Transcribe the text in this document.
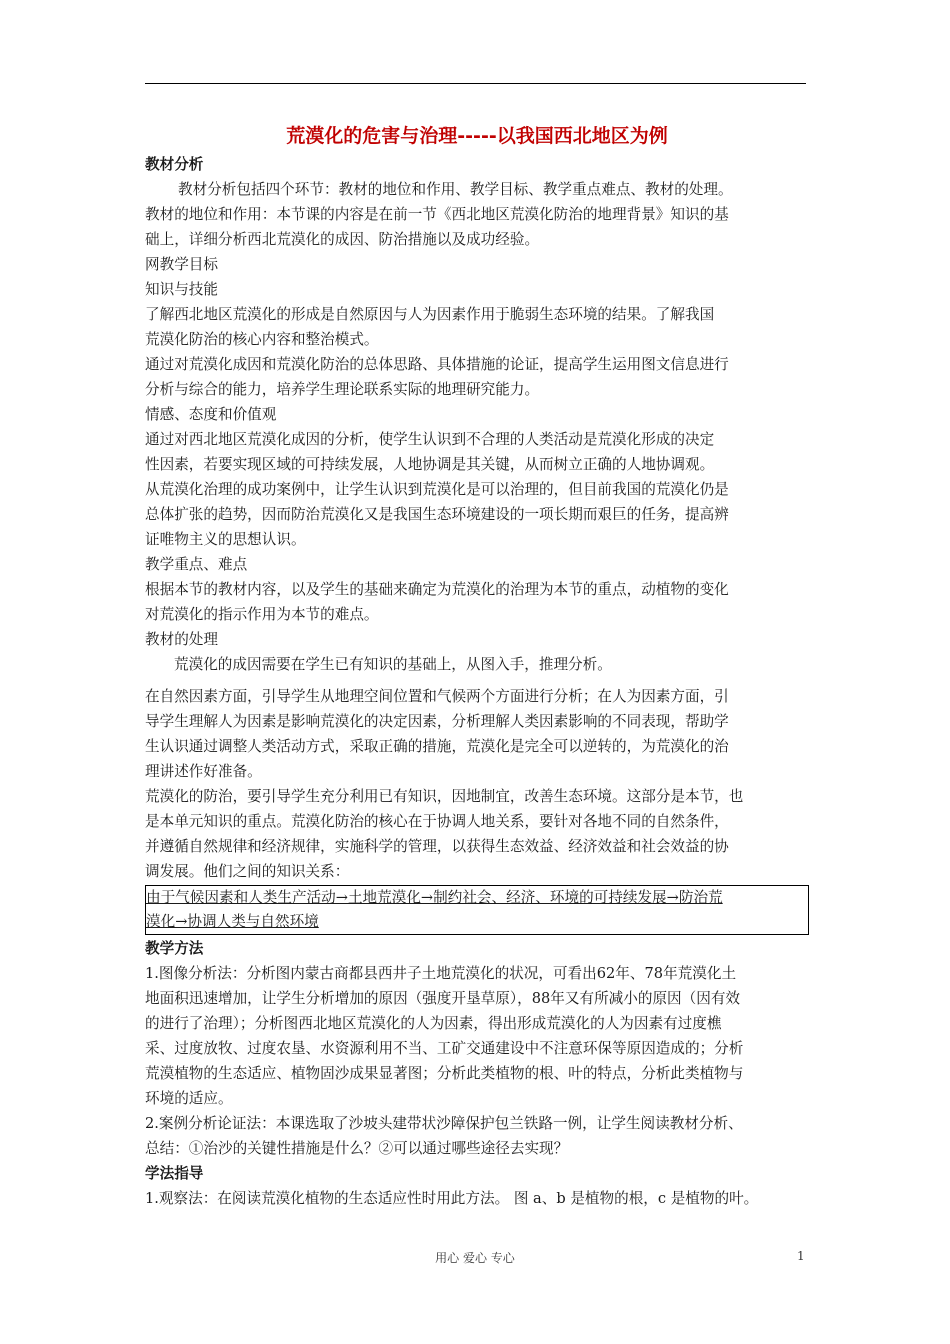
荒漠化的危害与治理-----以我国西北地区为例
教材分析
教材分析包括四个环节：教材的地位和作用、教学目标、教学重点难点、教材的处理。
教材的地位和作用：本节课的内容是在前一节《西北地区荒漠化防治的地理背景》知识的基
础上，详细分析西北荒漠化的成因、防治措施以及成功经验。
网教学目标
知识与技能
了解西北地区荒漠化的形成是自然原因与人为因素作用于脆弱生态环境的结果。了解我国
荒漠化防治的核心内容和整治模式。
通过对荒漠化成因和荒漠化防治的总体思路、具体措施的论证，提高学生运用图文信息进行
分析与综合的能力，培养学生理论联系实际的地理研究能力。
情感、态度和价值观
通过对西北地区荒漠化成因的分析，使学生认识到不合理的人类活动是荒漠化形成的决定
性因素，若要实现区域的可持续发展，人地协调是其关键，从而树立正确的人地协调观。
从荒漠化治理的成功案例中，让学生认识到荒漠化是可以治理的，但目前我国的荒漠化仍是
总体扩张的趋势，因而防治荒漠化又是我国生态环境建设的一项长期而艰巨的任务，提高辨
证唯物主义的思想认识。
教学重点、难点
根据本节的教材内容，以及学生的基础来确定为荒漠化的治理为本节的重点，动植物的变化
对荒漠化的指示作用为本节的难点。
教材的处理
荒漠化的成因需要在学生已有知识的基础上，从图入手，推理分析。
在自然因素方面，引导学生从地理空间位置和气候两个方面进行分析；在人为因素方面，引
导学生理解人为因素是影响荒漠化的决定因素，分析理解人类因素影响的不同表现，帮助学
生认识通过调整人类活动方式，采取正确的措施，荒漠化是完全可以逆转的，为荒漠化的治
理讲述作好准备。
荒漠化的防治，要引导学生充分利用已有知识，因地制宜，改善生态环境。这部分是本节，也
是本单元知识的重点。荒漠化防治的核心在于协调人地关系，要针对各地不同的自然条件，
并遵循自然规律和经济规律，实施科学的管理，以获得生态效益、经济效益和社会效益的协
调发展。他们之间的知识关系：
由于气候因素和人类生产活动→土地荒漠化→制约社会、经济、环境的可持续发展→防治荒
漠化→协调人类与自然环境
教学方法
1.图像分析法：分析图内蒙古商都县西井子土地荒漠化的状况，可看出62年、78年荒漠化土
地面积迅速增加，让学生分析增加的原因（强度开垦草原），88年又有所减小的原因（因有效
的进行了治理）；分析图西北地区荒漠化的人为因素，得出形成荒漠化的人为因素有过度樵
采、过度放牧、过度农垦、水资源利用不当、工矿交通建设中不注意环保等原因造成的；分析
荒漠植物的生态适应、植物固沙成果显著图；分析此类植物的根、叶的特点，分析此类植物与
环境的适应。
2.案例分析论证法：本课选取了沙坡头建带状沙障保护包兰铁路一例，让学生阅读教材分析、
总结：①治沙的关键性措施是什么？②可以通过哪些途径去实现？
学法指导
1.观察法：在阅读荒漠化植物的生态适应性时用此方法。 图 a、b 是植物的根，c 是植物的叶。
用心 爱心 专心	1
